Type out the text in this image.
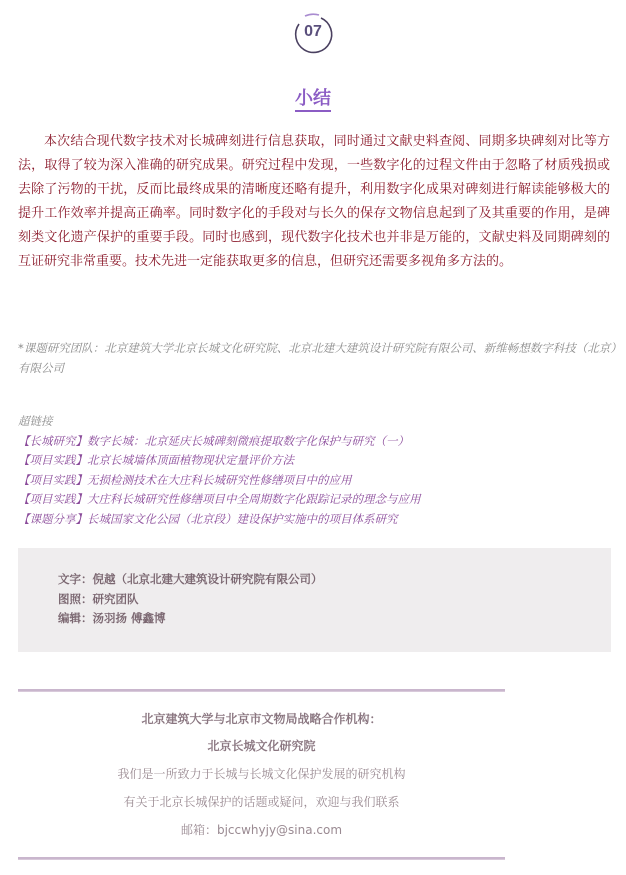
07
小结

本次结合现代数字技术对长城碑刻进行信息获取，同时通过文献史料查阅、同期多块碑刻对比等方法，取得了较为深入准确的研究成果。研究过程中发现，一些数字化的过程文件由于忽略了材质残损或去除了污物的干扰，反而比最终成果的清晰度还略有提升，利用数字化成果对碑刻进行解读能够极大的提升工作效率并提高正确率。同时数字化的手段对与长久的保存文物信息起到了及其重要的作用，是碑刻类文化遗产保护的重要手段。同时也感到，现代数字化技术也并非是万能的，文献史料及同期碑刻的互证研究非常重要。技术先进一定能获取更多的信息，但研究还需要多视角多方法的。

*课题研究团队：北京建筑大学北京长城文化研究院、北京北建大建筑设计研究院有限公司、新维畅想数字科技（北京）有限公司
超链接
【长城研究】数字长城：北京延庆长城碑刻微痕提取数字化保护与研究（一）
【项目实践】北京长城墙体顶面植物现状定量评价方法
【项目实践】无损检测技术在大庄科长城研究性修缮项目中的应用
【项目实践】大庄科长城研究性修缮项目中全周期数字化跟踪记录的理念与应用
【课题分享】长城国家文化公园（北京段）建设保护实施中的项目体系研究
文字：倪越（北京北建大建筑设计研究院有限公司）
图照：研究团队
编辑：汤羽扬 傅鑫博
北京建筑大学与北京市文物局战略合作机构：
北京长城文化研究院
我们是一所致力于长城与长城文化保护发展的研究机构
有关于北京长城保护的话题或疑问，欢迎与我们联系
邮箱：bjccwhyjy@sina.com
